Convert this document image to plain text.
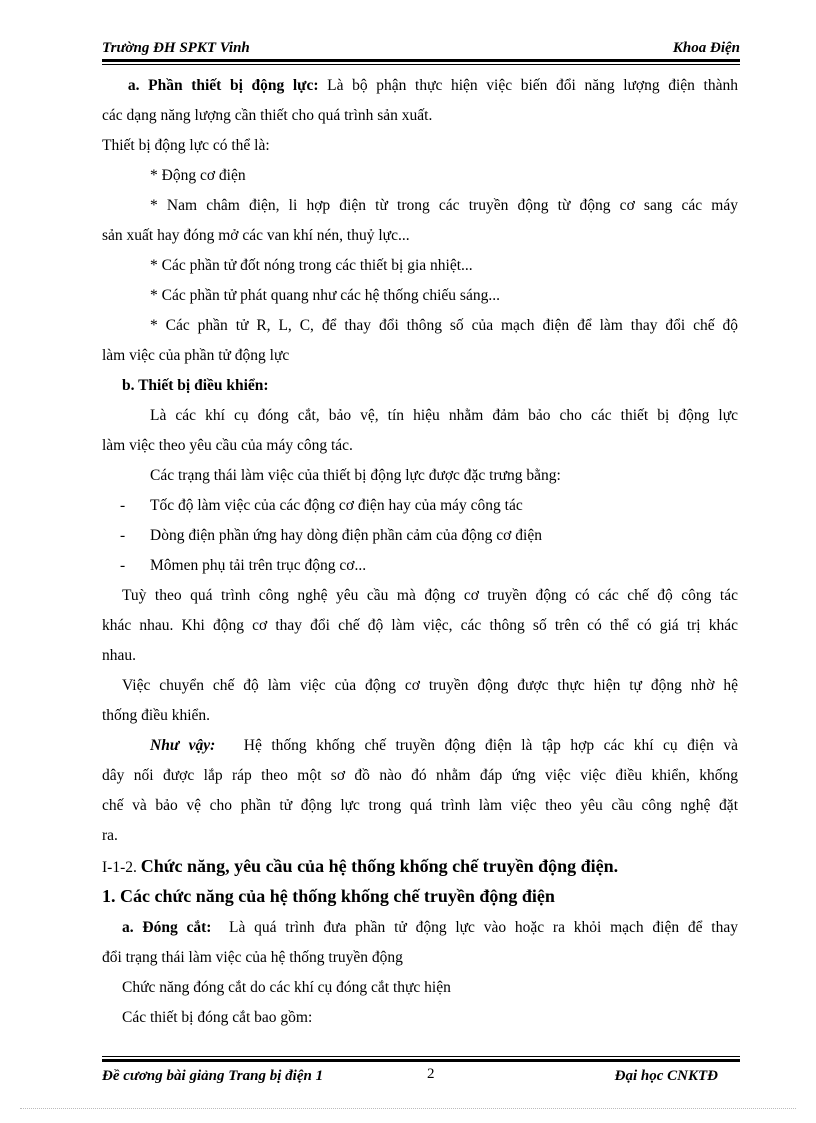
Trường ĐH SPKT Vinh	Khoa Điện
a. Phần thiết bị động lực: Là bộ phận thực hiện việc biến đổi năng lượng điện thành
các dạng năng lượng cần thiết cho quá trình sản xuất.
Thiết bị động lực có thể là:
* Động cơ điện
* Nam châm điện, li hợp điện từ trong các truyền động từ động cơ sang các máy
sản xuất hay đóng mở các van khí nén, thuỷ lực...
* Các phần tử đốt nóng trong các thiết bị gia nhiệt...
* Các phần tử phát quang như các hệ thống chiếu sáng...
* Các phần tử R, L, C, để thay đổi thông số của mạch điện để làm thay đổi chế độ
làm việc của phần tử động lực
b. Thiết bị điều khiển:
Là các khí cụ đóng cắt, bảo vệ, tín hiệu nhằm đảm bảo cho các thiết bị động lực
làm việc theo yêu cầu của máy công tác.
Các trạng thái làm việc của thiết bị động lực được đặc trưng bằng:
- Tốc độ làm việc của các động cơ điện hay của máy công tác
- Dòng điện phần ứng hay dòng điện phần cảm của động cơ điện
- Mômen phụ tải trên trục động cơ...
Tuỳ theo quá trình công nghệ yêu cầu mà động cơ truyền động có các chế độ công tác
khác nhau. Khi động cơ thay đổi chế độ làm việc, các thông số trên có thể có giá trị khác
nhau.
Việc chuyển chế độ làm việc của động cơ truyền động được thực hiện tự động nhờ hệ
thống điều khiển.
Như vậy: Hệ thống khống chế truyền động điện là tập hợp các khí cụ điện và
dây nối được lắp ráp theo một sơ đồ nào đó nhằm đáp ứng việc việc điều khiển, khống
chế và bảo vệ cho phần tử động lực trong quá trình làm việc theo yêu cầu công nghệ đặt
ra.
I-1-2. Chức năng, yêu cầu của hệ thống khống chế truyền động điện.
1. Các chức năng của hệ thống khống chế truyền động điện
a. Đóng cắt: Là quá trình đưa phần tử động lực vào hoặc ra khỏi mạch điện để thay
đổi trạng thái làm việc của hệ thống truyền động
Chức năng đóng cắt do các khí cụ đóng cắt thực hiện
Các thiết bị đóng cắt bao gồm:
Đề cương bài giảng Trang bị điện 1	2	Đại học CNKTĐ
